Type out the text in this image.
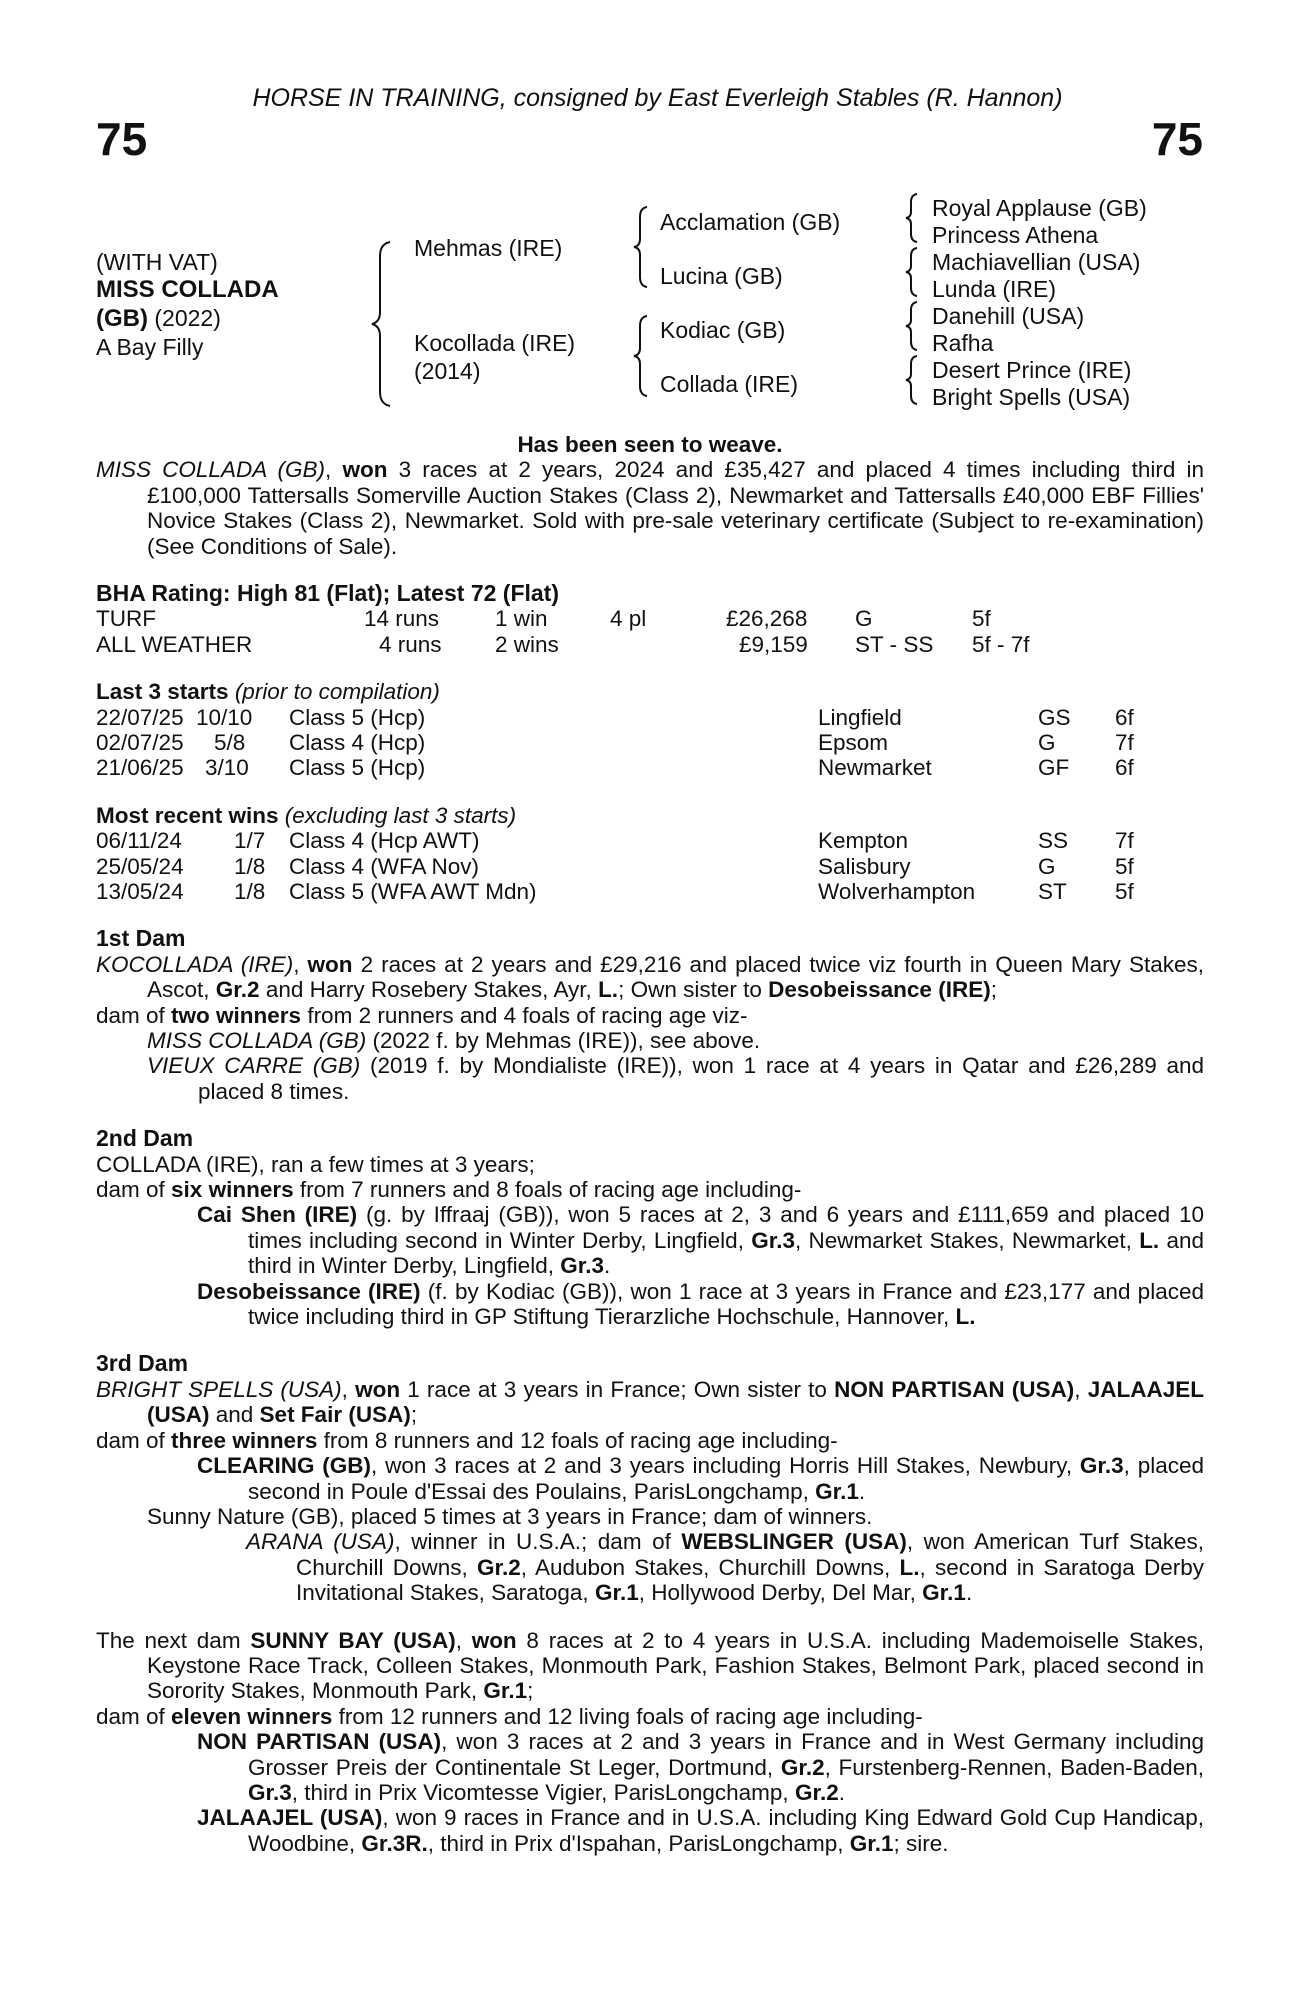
HORSE IN TRAINING, consigned by East Everleigh Stables (R. Hannon)
75	75
(WITH VAT)
MISS COLLADA
(GB) (2022)
A Bay Filly
Mehmas (IRE)
Kocollada (IRE)
(2014)
Acclamation (GB)
Lucina (GB)
Kodiac (GB)
Collada (IRE)
Royal Applause (GB)
Princess Athena
Machiavellian (USA)
Lunda (IRE)
Danehill (USA)
Rafha
Desert Prince (IRE)
Bright Spells (USA)

Has been seen to weave.

MISS COLLADA (GB), won 3 races at 2 years, 2024 and £35,427 and placed 4 times including third in £100,000 Tattersalls Somerville Auction Stakes (Class 2), Newmarket and Tattersalls £40,000 EBF Fillies' Novice Stakes (Class 2), Newmarket. Sold with pre-sale veterinary certificate (Subject to re-examination) (See Conditions of Sale).

BHA Rating: High 81 (Flat); Latest 72 (Flat)

TURF	14 runs 1 win	4 pl	£26,268 G	5f
ALL WEATHER	4 runs 2 wins	£9,159 ST - SS 5f - 7f

Last 3 starts (prior to compilation)

22/07/25 10/10 Class 5 (Hcp)	Lingfield	GS 6f
02/07/25 5/8 Class 4 (Hcp)	Epsom	G	7f
21/06/25 3/10 Class 5 (Hcp)	Newmarket	GF 6f

Most recent wins (excluding last 3 starts)

06/11/24 1/7 Class 4 (Hcp AWT)	Kempton	SS 7f
25/05/24 1/8 Class 4 (WFA Nov)	Salisbury	G	5f
13/05/24 1/8 Class 5 (WFA AWT Mdn)	Wolverhampton	ST 5f

1st Dam

KOCOLLADA (IRE), won 2 races at 2 years and £29,216 and placed twice viz fourth in Queen Mary Stakes, Ascot, Gr.2 and Harry Rosebery Stakes, Ayr, L.; Own sister to Desobeissance (IRE);

dam of two winners from 2 runners and 4 foals of racing age viz-

MISS COLLADA (GB) (2022 f. by Mehmas (IRE)), see above.

VIEUX CARRE (GB) (2019 f. by Mondialiste (IRE)), won 1 race at 4 years in Qatar and £26,289 and placed 8 times.

2nd Dam

COLLADA (IRE), ran a few times at 3 years;

dam of six winners from 7 runners and 8 foals of racing age including-

Cai Shen (IRE) (g. by Iffraaj (GB)), won 5 races at 2, 3 and 6 years and £111,659 and placed 10 times including second in Winter Derby, Lingfield, Gr.3, Newmarket Stakes, Newmarket, L. and third in Winter Derby, Lingfield, Gr.3.

Desobeissance (IRE) (f. by Kodiac (GB)), won 1 race at 3 years in France and £23,177 and placed twice including third in GP Stiftung Tierarzliche Hochschule, Hannover, L.

3rd Dam

BRIGHT SPELLS (USA), won 1 race at 3 years in France; Own sister to NON PARTISAN (USA), JALAAJEL (USA) and Set Fair (USA);

dam of three winners from 8 runners and 12 foals of racing age including-

CLEARING (GB), won 3 races at 2 and 3 years including Horris Hill Stakes, Newbury, Gr.3, placed second in Poule d'Essai des Poulains, ParisLongchamp, Gr.1.

Sunny Nature (GB), placed 5 times at 3 years in France; dam of winners.

ARANA (USA), winner in U.S.A.; dam of WEBSLINGER (USA), won American Turf Stakes, Churchill Downs, Gr.2, Audubon Stakes, Churchill Downs, L., second in Saratoga Derby Invitational Stakes, Saratoga, Gr.1, Hollywood Derby, Del Mar, Gr.1.

The next dam SUNNY BAY (USA), won 8 races at 2 to 4 years in U.S.A. including Mademoiselle Stakes, Keystone Race Track, Colleen Stakes, Monmouth Park, Fashion Stakes, Belmont Park, placed second in Sorority Stakes, Monmouth Park, Gr.1;

dam of eleven winners from 12 runners and 12 living foals of racing age including-

NON PARTISAN (USA), won 3 races at 2 and 3 years in France and in West Germany including Grosser Preis der Continentale St Leger, Dortmund, Gr.2, Furstenberg-Rennen, Baden-Baden, Gr.3, third in Prix Vicomtesse Vigier, ParisLongchamp, Gr.2.

JALAAJEL (USA), won 9 races in France and in U.S.A. including King Edward Gold Cup Handicap, Woodbine, Gr.3R., third in Prix d'Ispahan, ParisLongchamp, Gr.1; sire.
